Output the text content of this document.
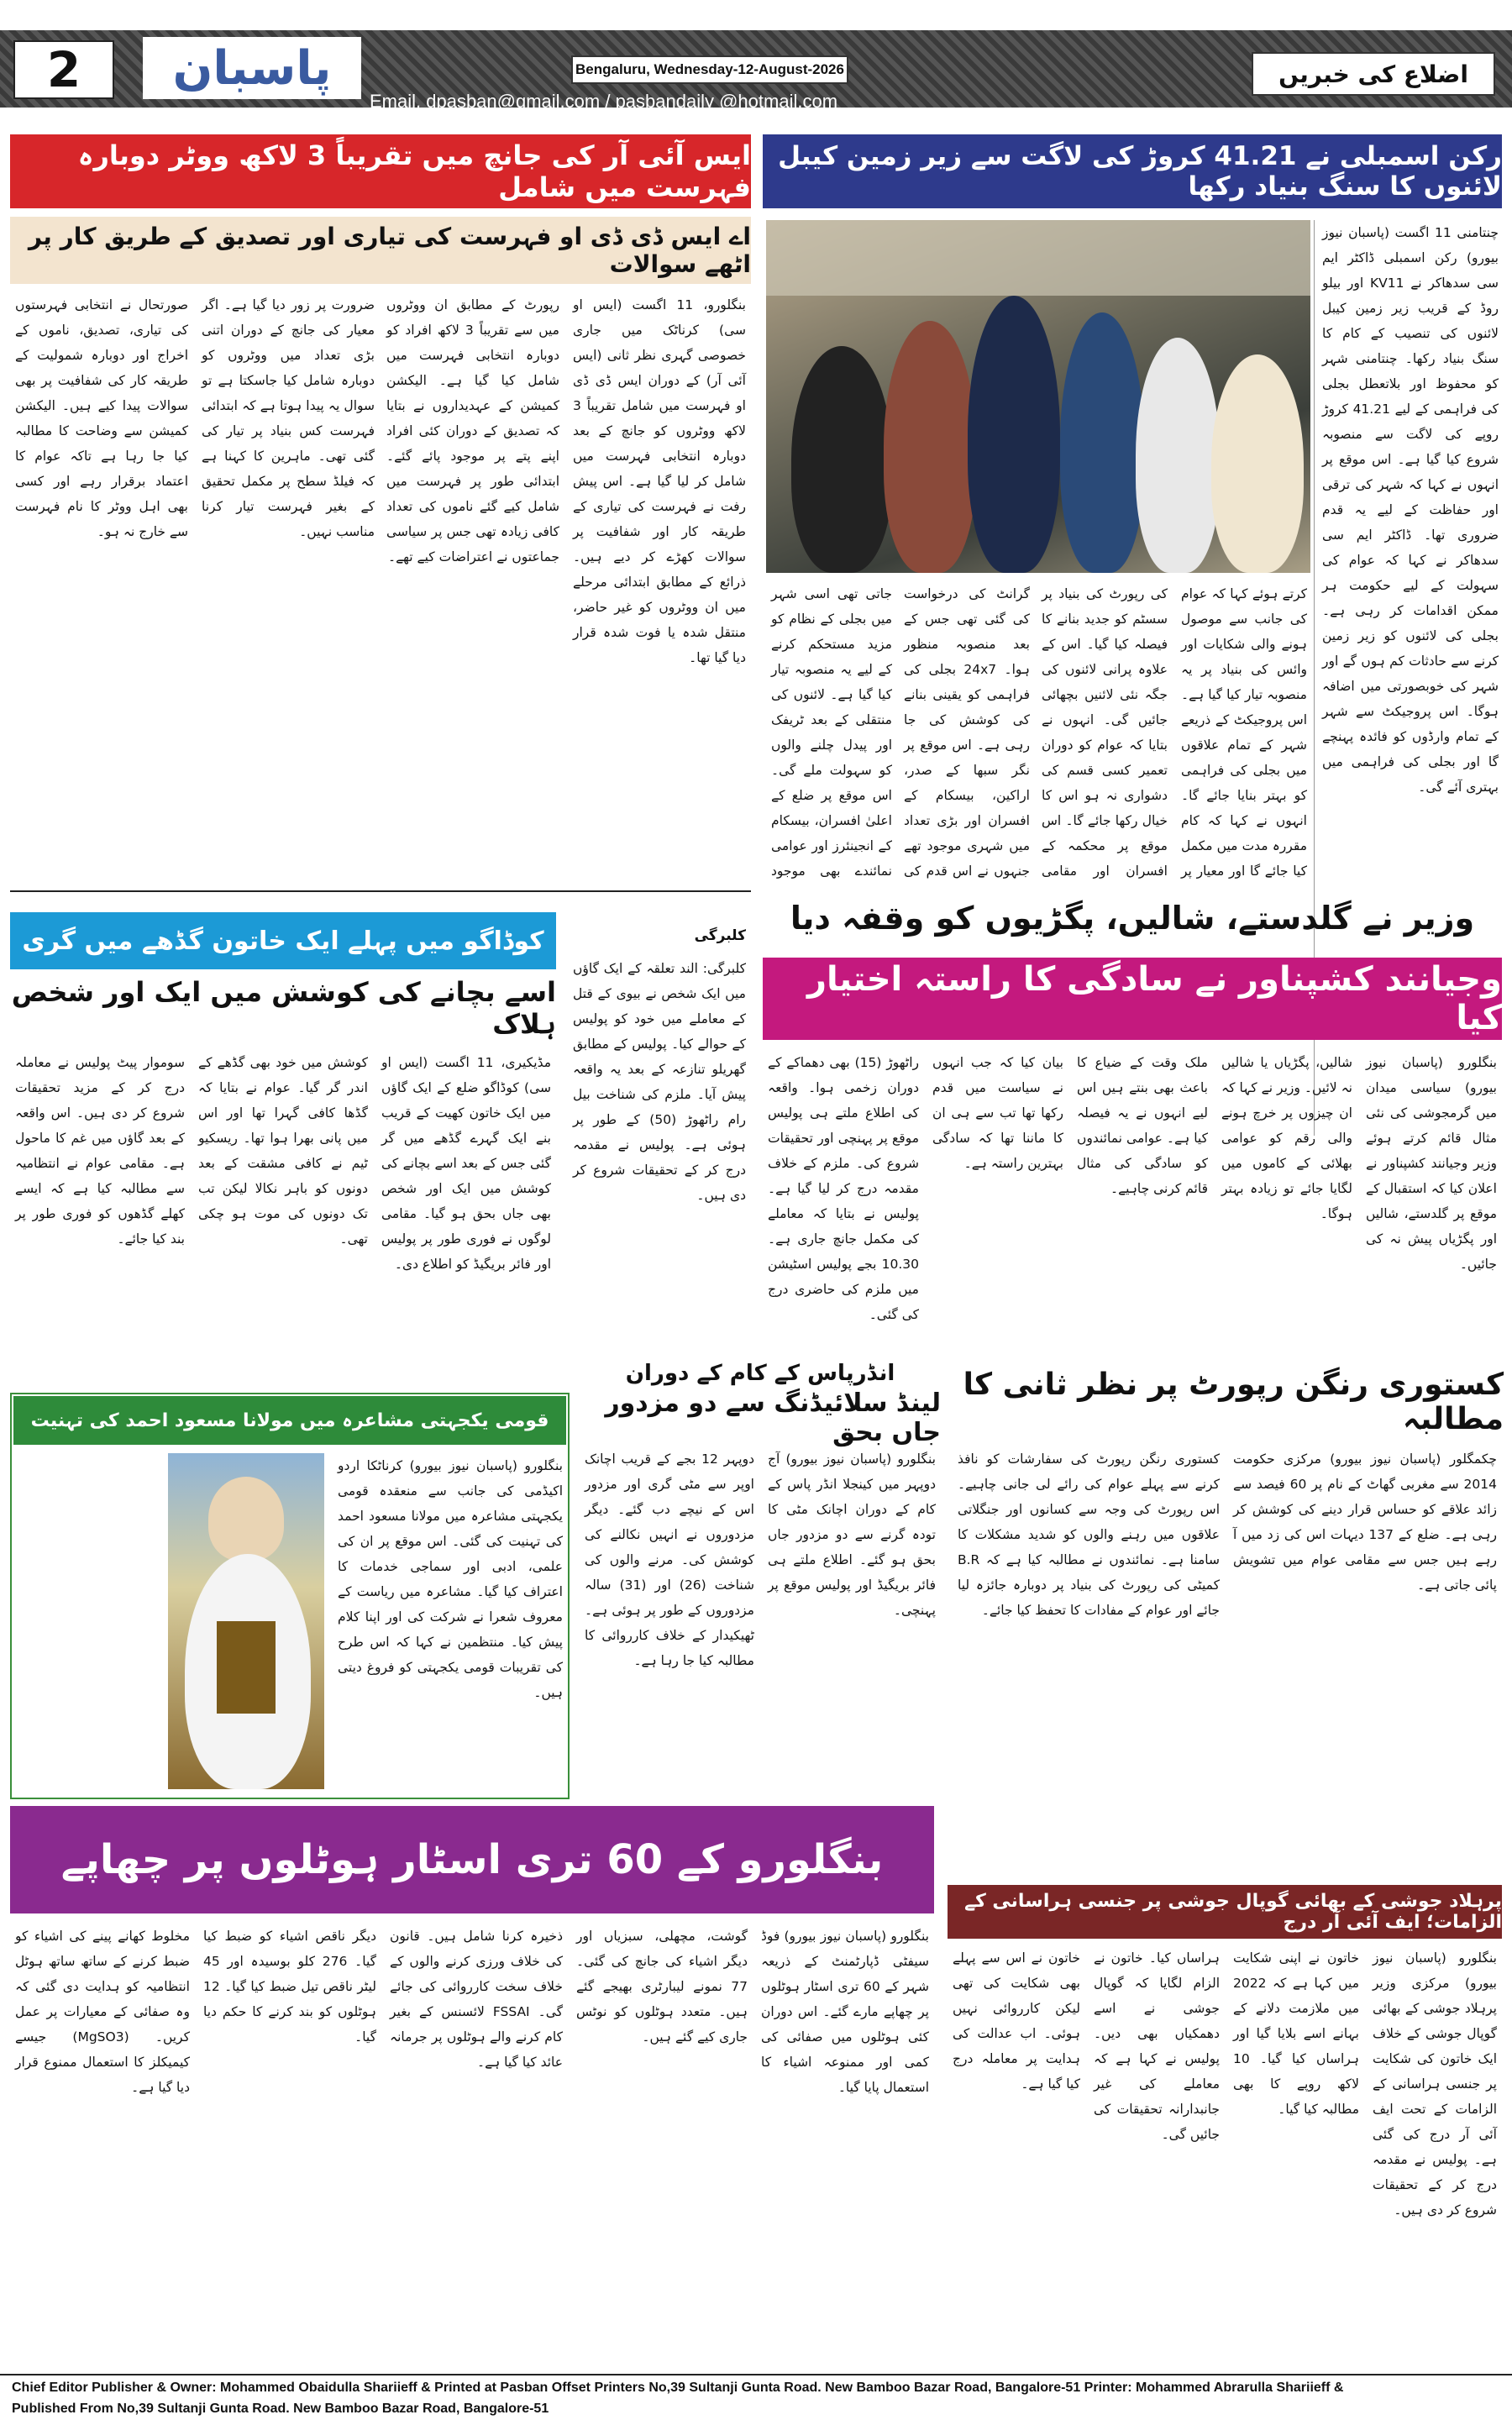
2	پاسبان	Bengaluru, Wednesday-12-August-2026
Email. dpasban@gmail.com / pasbandaily @hotmail.com
اضلاع کی خبریں
رکن اسمبلی نے 41.21 کروڑ کی لاگت سے زیر زمین کیبل لائنوں کا سنگ بنیاد رکھا
چنتامنی 11 اگست (پاسبان نیوز بیورو) رکن اسمبلی ڈاکٹر ایم سی سدھاکر نے KV11 اور بیلو روڈ کے قریب زیر زمین کیبل لائنوں کی تنصیب کے کام کا سنگ بنیاد رکھا۔ چنتامنی شہر کو محفوظ اور بلاتعطل بجلی کی فراہمی کے لیے 41.21 کروڑ روپے کی لاگت سے منصوبہ شروع کیا گیا ہے۔ اس موقع پر انہوں نے کہا کہ شہر کی ترقی اور حفاظت کے لیے یہ قدم ضروری تھا۔ ڈاکٹر ایم سی سدھاکر نے کہا کہ عوام کی سہولت کے لیے حکومت ہر ممکن اقدامات کر رہی ہے۔ بجلی کی لائنوں کو زیر زمین کرنے سے حادثات کم ہوں گے اور شہر کی خوبصورتی میں اضافہ ہوگا۔ اس پروجیکٹ سے شہر کے تمام وارڈوں کو فائدہ پہنچے گا اور بجلی کی فراہمی میں بہتری آئے گی۔
کرتے ہوئے کہا کہ عوام کی جانب سے موصول ہونے والی شکایات اور وائس کی بنیاد پر یہ منصوبہ تیار کیا گیا ہے۔ اس پروجیکٹ کے ذریعے شہر کے تمام علاقوں میں بجلی کی فراہمی کو بہتر بنایا جائے گا۔ انہوں نے کہا کہ کام مقررہ مدت میں مکمل کیا جائے گا اور معیار پر
کی رپورٹ کی بنیاد پر سسٹم کو جدید بنانے کا فیصلہ کیا گیا۔ اس کے علاوہ پرانی لائنوں کی جگہ نئی لائنیں بچھائی جائیں گی۔ انہوں نے بتایا کہ عوام کو دوران تعمیر کسی قسم کی دشواری نہ ہو اس کا خیال رکھا جائے گا۔ اس موقع پر محکمہ کے افسران اور مقامی
گرانٹ کی درخواست کی گئی تھی جس کے بعد منصوبہ منظور ہوا۔ 24x7 بجلی کی فراہمی کو یقینی بنانے کی کوشش کی جا رہی ہے۔ اس موقع پر نگر سبھا کے صدر، اراکین، بیسکام کے افسران اور بڑی تعداد میں شہری موجود تھے جنہوں نے اس قدم کی
جاتی تھی اسی شہر میں بجلی کے نظام کو مزید مستحکم کرنے کے لیے یہ منصوبہ تیار کیا گیا ہے۔ لائنوں کی منتقلی کے بعد ٹریفک اور پیدل چلنے والوں کو سہولت ملے گی۔ اس موقع پر ضلع کے اعلیٰ افسران، بیسکام کے انجینئرز اور عوامی نمائندے بھی موجود
ایس آئی آر کی جانچ میں تقریباً 3 لاکھ ووٹر دوبارہ فہرست میں شامل
اے ایس ڈی ڈی او فہرست کی تیاری اور تصدیق کے طریق کار پر اٹھے سوالات
بنگلورو، 11 اگست (ایس او سی) کرناٹک میں جاری خصوصی گہری نظر ثانی (ایس آئی آر) کے دوران ایس ڈی ڈی او فہرست میں شامل تقریباً 3 لاکھ ووٹروں کو جانچ کے بعد دوبارہ انتخابی فہرست میں شامل کر لیا گیا ہے۔ اس پیش رفت نے فہرست کی تیاری کے طریقہ کار اور شفافیت پر سوالات کھڑے کر دیے ہیں۔ ذرائع کے مطابق ابتدائی مرحلے میں ان ووٹروں کو غیر حاضر، منتقل شدہ یا فوت شدہ قرار دیا گیا تھا۔
رپورٹ کے مطابق ان ووٹروں میں سے تقریباً 3 لاکھ افراد کو دوبارہ انتخابی فہرست میں شامل کیا گیا ہے۔ الیکشن کمیشن کے عہدیداروں نے بتایا کہ تصدیق کے دوران کئی افراد اپنے پتے پر موجود پائے گئے۔ ابتدائی طور پر فہرست میں شامل کیے گئے ناموں کی تعداد کافی زیادہ تھی جس پر سیاسی جماعتوں نے اعتراضات کیے تھے۔
ضرورت پر زور دیا گیا ہے۔ اگر معیار کی جانچ کے دوران اتنی بڑی تعداد میں ووٹروں کو دوبارہ شامل کیا جاسکتا ہے تو سوال یہ پیدا ہوتا ہے کہ ابتدائی فہرست کس بنیاد پر تیار کی گئی تھی۔ ماہرین کا کہنا ہے کہ فیلڈ سطح پر مکمل تحقیق کے بغیر فہرست تیار کرنا مناسب نہیں۔
صورتحال نے انتخابی فہرستوں کی تیاری، تصدیق، ناموں کے اخراج اور دوبارہ شمولیت کے طریقہ کار کی شفافیت پر بھی سوالات پیدا کیے ہیں۔ الیکشن کمیشن سے وضاحت کا مطالبہ کیا جا رہا ہے تاکہ عوام کا اعتماد برقرار رہے اور کسی بھی اہل ووٹر کا نام فہرست سے خارج نہ ہو۔
وزیر نے گلدستے، شالیں، پگڑیوں کو وقفہ دیا
وجیانند کشپناور نے سادگی کا راستہ اختیار کیا
بنگلورو (پاسبان نیوز بیورو) سیاسی میدان میں گرمجوشی کی نئی مثال قائم کرتے ہوئے وزیر وجیانند کشپناور نے اعلان کیا کہ استقبال کے موقع پر گلدستے، شالیں اور پگڑیاں پیش نہ کی جائیں۔
شالیں، پگڑیاں یا شالیں نہ لائیں۔ وزیر نے کہا کہ ان چیزوں پر خرچ ہونے والی رقم کو عوامی بھلائی کے کاموں میں لگایا جائے تو زیادہ بہتر ہوگا۔
ملک وقت کے ضیاع کا باعث بھی بنتے ہیں اس لیے انہوں نے یہ فیصلہ کیا ہے۔ عوامی نمائندوں کو سادگی کی مثال قائم کرنی چاہیے۔
بیان کیا کہ جب انہوں نے سیاست میں قدم رکھا تھا تب سے ہی ان کا ماننا تھا کہ سادگی بہترین راستہ ہے۔
راٹھوڑ (15) بھی دھماکے کے دوران زخمی ہوا۔ واقعہ کی اطلاع ملتے ہی پولیس موقع پر پہنچی اور تحقیقات شروع کی۔ ملزم کے خلاف مقدمہ درج کر لیا گیا ہے۔ پولیس نے بتایا کہ معاملے کی مکمل جانچ جاری ہے۔ 10.30 بجے پولیس اسٹیشن میں ملزم کی حاضری درج کی گئی۔
کوڈاگو میں پہلے ایک خاتون گڈھے میں گری
اسے بچانے کی کوشش میں ایک اور شخص ہلاک
کلبرگی
کلبرگی: الند تعلقہ کے ایک گاؤں میں ایک شخص نے بیوی کے قتل کے معاملے میں خود کو پولیس کے حوالے کیا۔ پولیس کے مطابق گھریلو تنازعہ کے بعد یہ واقعہ پیش آیا۔ ملزم کی شناخت بیل رام راٹھوڑ (50) کے طور پر ہوئی ہے۔ پولیس نے مقدمہ درج کر کے تحقیقات شروع کر دی ہیں۔
مڈیکیری، 11 اگست (ایس او سی) کوڈاگو ضلع کے ایک گاؤں میں ایک خاتون کھیت کے قریب بنے ایک گہرے گڈھے میں گر گئی جس کے بعد اسے بچانے کی کوشش میں ایک اور شخص بھی جاں بحق ہو گیا۔ مقامی لوگوں نے فوری طور پر پولیس اور فائر بریگیڈ کو اطلاع دی۔
کوشش میں خود بھی گڈھے کے اندر گر گیا۔ عوام نے بتایا کہ گڈھا کافی گہرا تھا اور اس میں پانی بھرا ہوا تھا۔ ریسکیو ٹیم نے کافی مشقت کے بعد دونوں کو باہر نکالا لیکن تب تک دونوں کی موت ہو چکی تھی۔
سوموار پیٹ پولیس نے معاملہ درج کر کے مزید تحقیقات شروع کر دی ہیں۔ اس واقعہ کے بعد گاؤں میں غم کا ماحول ہے۔ مقامی عوام نے انتظامیہ سے مطالبہ کیا ہے کہ ایسے کھلے گڈھوں کو فوری طور پر بند کیا جائے۔
انڈرپاس کے کام کے دوران
لینڈ سلائیڈنگ سے دو مزدور جاں بحق
بنگلورو (پاسبان نیوز بیورو) آج دوپہر میں کینجلا انڈر پاس کے کام کے دوران اچانک مٹی کا تودہ گرنے سے دو مزدور جاں بحق ہو گئے۔ اطلاع ملتے ہی فائر بریگیڈ اور پولیس موقع پر پہنچی۔
دوپہر 12 بجے کے قریب اچانک اوپر سے مٹی گری اور مزدور اس کے نیچے دب گئے۔ دیگر مزدوروں نے انہیں نکالنے کی کوشش کی۔ مرنے والوں کی شناخت (26) اور (31) سالہ مزدوروں کے طور پر ہوئی ہے۔ ٹھیکیدار کے خلاف کارروائی کا مطالبہ کیا جا رہا ہے۔
کستوری رنگن رپورٹ پر نظر ثانی کا مطالبہ
چکمگلور (پاسبان نیوز بیورو) مرکزی حکومت 2014 سے مغربی گھاٹ کے نام پر 60 فیصد سے زائد علاقے کو حساس قرار دینے کی کوشش کر رہی ہے۔ ضلع کے 137 دیہات اس کی زد میں آ رہے ہیں جس سے مقامی عوام میں تشویش پائی جاتی ہے۔
کستوری رنگن رپورٹ کی سفارشات کو نافذ کرنے سے پہلے عوام کی رائے لی جانی چاہیے۔ اس رپورٹ کی وجہ سے کسانوں اور جنگلاتی علاقوں میں رہنے والوں کو شدید مشکلات کا سامنا ہے۔ نمائندوں نے مطالبہ کیا ہے کہ B.R کمیٹی کی رپورٹ کی بنیاد پر دوبارہ جائزہ لیا جائے اور عوام کے مفادات کا تحفظ کیا جائے۔
قومی یکجہتی مشاعرہ میں مولانا مسعود احمد کی تہنیت
بنگلورو (پاسبان نیوز بیورو) کرناٹکا اردو اکیڈمی کی جانب سے منعقدہ قومی یکجہتی مشاعرہ میں مولانا مسعود احمد کی تہنیت کی گئی۔ اس موقع پر ان کی علمی، ادبی اور سماجی خدمات کا اعتراف کیا گیا۔ مشاعرہ میں ریاست کے معروف شعرا نے شرکت کی اور اپنا کلام پیش کیا۔ منتظمین نے کہا کہ اس طرح کی تقریبات قومی یکجہتی کو فروغ دیتی ہیں۔
بنگلورو کے 60 تری اسٹار ہوٹلوں پر چھاپے
بنگلورو (پاسبان نیوز بیورو) فوڈ سیفٹی ڈپارٹمنٹ کے ذریعہ شہر کے 60 تری اسٹار ہوٹلوں پر چھاپے مارے گئے۔ اس دوران کئی ہوٹلوں میں صفائی کی کمی اور ممنوعہ اشیاء کا استعمال پایا گیا۔
گوشت، مچھلی، سبزیاں اور دیگر اشیاء کی جانچ کی گئی۔ 77 نمونے لیبارٹری بھیجے گئے ہیں۔ متعدد ہوٹلوں کو نوٹس جاری کیے گئے ہیں۔
ذخیرہ کرنا شامل ہیں۔ قانون کی خلاف ورزی کرنے والوں کے خلاف سخت کارروائی کی جائے گی۔ FSSAI لائسنس کے بغیر کام کرنے والے ہوٹلوں پر جرمانہ عائد کیا گیا ہے۔
دیگر ناقص اشیاء کو ضبط کیا گیا۔ 276 کلو بوسیدہ اور 45 لیٹر ناقص تیل ضبط کیا گیا۔ 12 ہوٹلوں کو بند کرنے کا حکم دیا گیا۔
مخلوط کھانے پینے کی اشیاء کو ضبط کرنے کے ساتھ ساتھ ہوٹل انتظامیہ کو ہدایت دی گئی کہ وہ صفائی کے معیارات پر عمل کریں۔ (MgSO3) جیسے کیمیکلز کا استعمال ممنوع قرار دیا گیا ہے۔
پرہلاد جوشی کے بھائی گوپال جوشی پر جنسی ہراسانی کے الزامات؛ ایف آئی آر درج
بنگلورو (پاسبان نیوز بیورو) مرکزی وزیر پرہلاد جوشی کے بھائی گوپال جوشی کے خلاف ایک خاتون کی شکایت پر جنسی ہراسانی کے الزامات کے تحت ایف آئی آر درج کی گئی ہے۔ پولیس نے مقدمہ درج کر کے تحقیقات شروع کر دی ہیں۔
خاتون نے اپنی شکایت میں کہا ہے کہ 2022 میں ملازمت دلانے کے بہانے اسے بلایا گیا اور ہراساں کیا گیا۔ 10 لاکھ روپے کا بھی مطالبہ کیا گیا۔
ہراساں کیا۔ خاتون نے الزام لگایا کہ گوپال جوشی نے اسے دھمکیاں بھی دیں۔ پولیس نے کہا ہے کہ معاملے کی غیر جانبدارانہ تحقیقات کی جائیں گی۔
خاتون نے اس سے پہلے بھی شکایت کی تھی لیکن کارروائی نہیں ہوئی۔ اب عدالت کی ہدایت پر معاملہ درج کیا گیا ہے۔
Chief Editor Publisher & Owner: Mohammed Obaidulla Shariieff & Printed at Pasban Offset Printers No,39 Sultanji Gunta Road. New Bamboo Bazar Road, Bangalore-51 Printer: Mohammed Abrarulla Shariieff &
Published From No,39 Sultanji Gunta Road. New Bamboo Bazar Road, Bangalore-51
